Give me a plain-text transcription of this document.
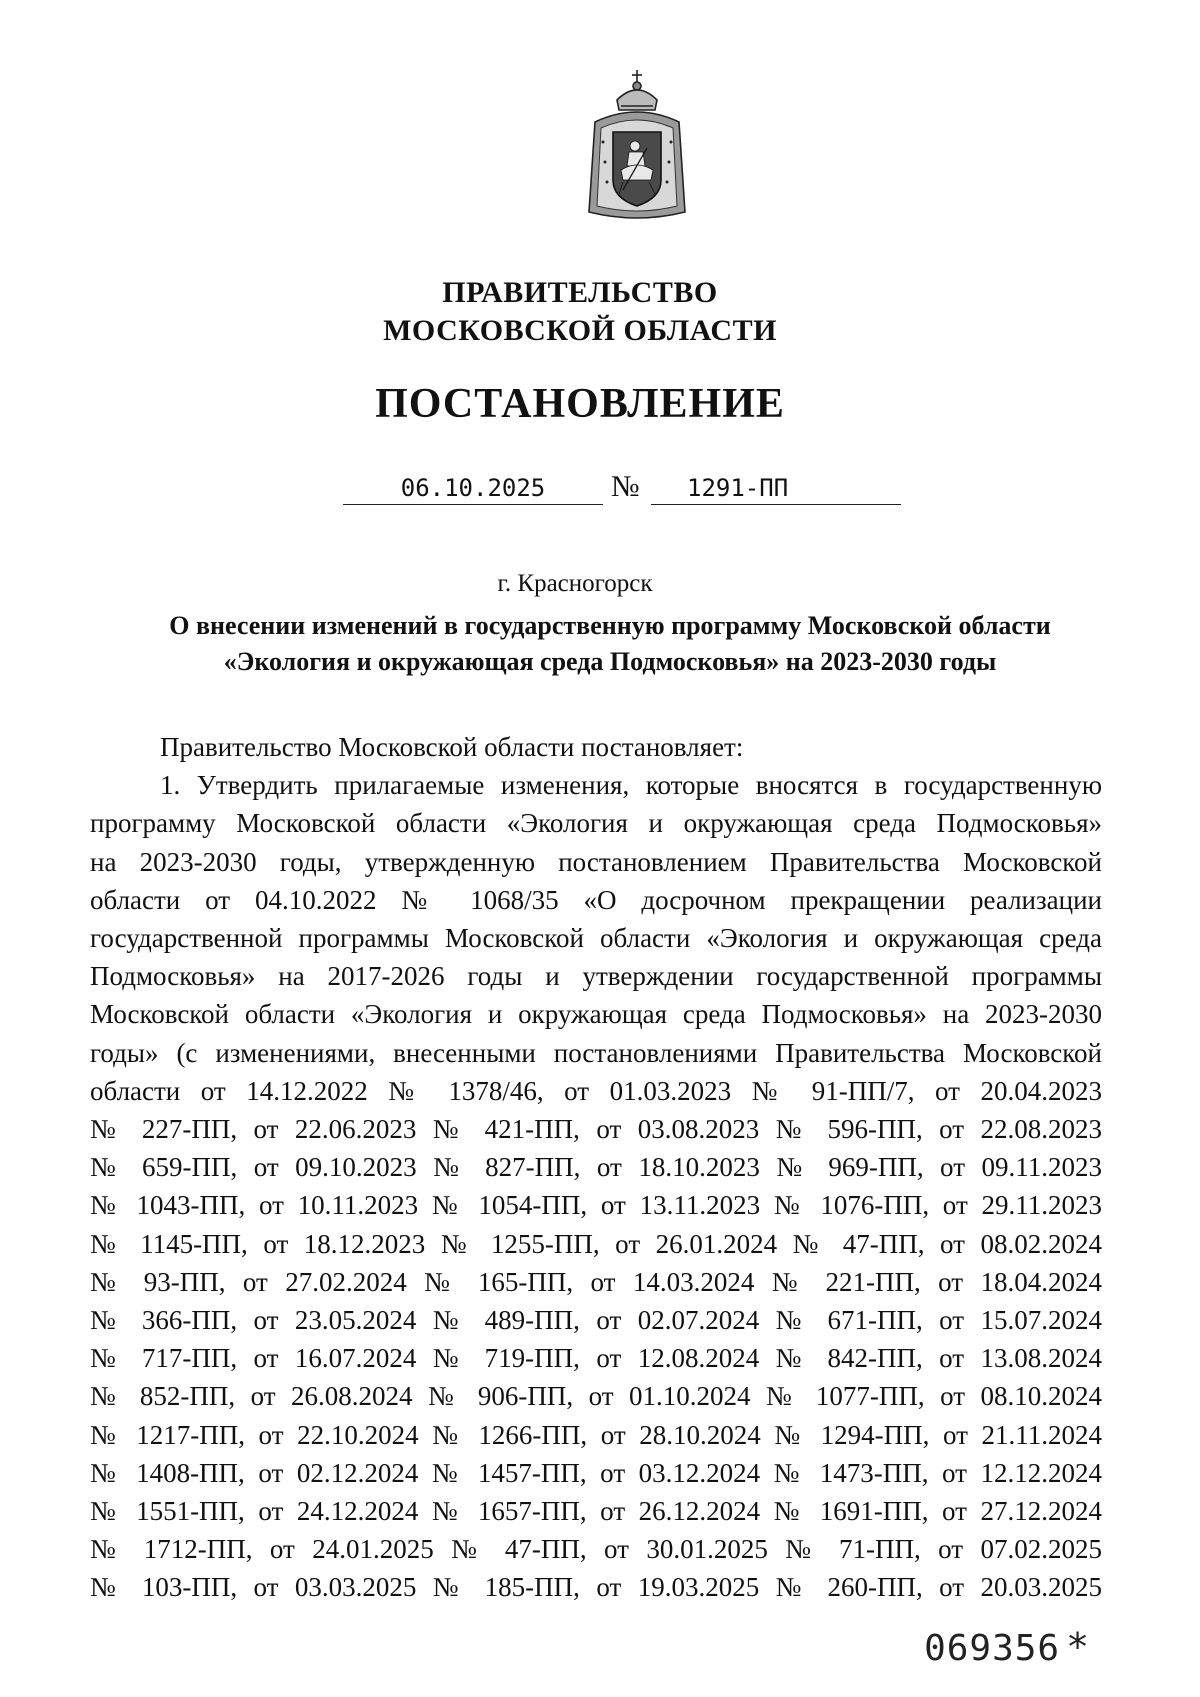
ПРАВИТЕЛЬСТВО
МОСКОВСКОЙ ОБЛАСТИ
ПОСТАНОВЛЕНИЕ
06.10.2025	№	1291-ПП
г. Красногорск
О внесении изменений в государственную программу Московской области
«Экология и окружающая среда Подмосковья» на 2023-2030 годы
Правительство Московской области постановляет:
1. Утвердить прилагаемые изменения, которые вносятся в государственную
программу Московской области «Экология и окружающая среда Подмосковья»
на 2023-2030 годы, утвержденную постановлением Правительства Московской
области от 04.10.2022 № 1068/35 «О досрочном прекращении реализации
государственной программы Московской области «Экология и окружающая среда
Подмосковья» на 2017-2026 годы и утверждении государственной программы
Московской области «Экология и окружающая среда Подмосковья» на 2023-2030
годы» (с изменениями, внесенными постановлениями Правительства Московской
области от 14.12.2022 № 1378/46, от 01.03.2023 № 91-ПП/7, от 20.04.2023
№ 227-ПП, от 22.06.2023 № 421-ПП, от 03.08.2023 № 596-ПП, от 22.08.2023
№ 659-ПП, от 09.10.2023 № 827-ПП, от 18.10.2023 № 969-ПП, от 09.11.2023
№ 1043-ПП, от 10.11.2023 № 1054-ПП, от 13.11.2023 № 1076-ПП, от 29.11.2023
№ 1145-ПП, от 18.12.2023 № 1255-ПП, от 26.01.2024 № 47-ПП, от 08.02.2024
№ 93-ПП, от 27.02.2024 № 165-ПП, от 14.03.2024 № 221-ПП, от 18.04.2024
№ 366-ПП, от 23.05.2024 № 489-ПП, от 02.07.2024 № 671-ПП, от 15.07.2024
№ 717-ПП, от 16.07.2024 № 719-ПП, от 12.08.2024 № 842-ПП, от 13.08.2024
№ 852-ПП, от 26.08.2024 № 906-ПП, от 01.10.2024 № 1077-ПП, от 08.10.2024
№ 1217-ПП, от 22.10.2024 № 1266-ПП, от 28.10.2024 № 1294-ПП, от 21.11.2024
№ 1408-ПП, от 02.12.2024 № 1457-ПП, от 03.12.2024 № 1473-ПП, от 12.12.2024
№ 1551-ПП, от 24.12.2024 № 1657-ПП, от 26.12.2024 № 1691-ПП, от 27.12.2024
№ 1712-ПП, от 24.01.2025 № 47-ПП, от 30.01.2025 № 71-ПП, от 07.02.2025
№ 103-ПП, от 03.03.2025 № 185-ПП, от 19.03.2025 № 260-ПП, от 20.03.2025
069356 *
